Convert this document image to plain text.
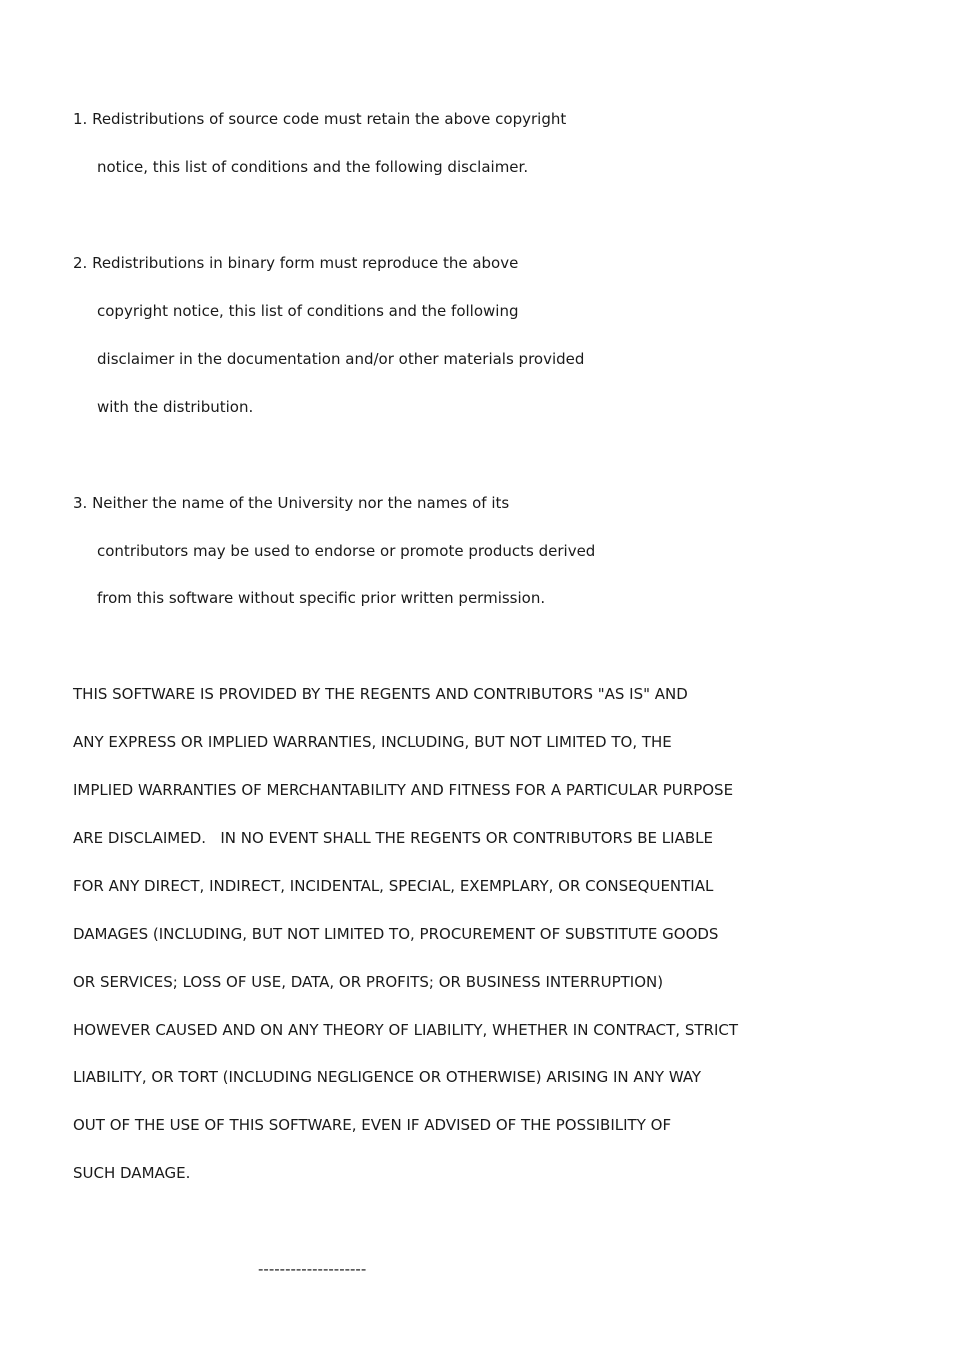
1. Redistributions of source code must retain the above copyright
notice, this list of conditions and the following disclaimer.
2. Redistributions in binary form must reproduce the above
copyright notice, this list of conditions and the following
disclaimer in the documentation and/or other materials provided
with the distribution.
3. Neither the name of the University nor the names of its
contributors may be used to endorse or promote products derived
from this software without specific prior written permission.
THIS SOFTWARE IS PROVIDED BY THE REGENTS AND CONTRIBUTORS "AS IS" AND
ANY EXPRESS OR IMPLIED WARRANTIES, INCLUDING, BUT NOT LIMITED TO, THE
IMPLIED WARRANTIES OF MERCHANTABILITY AND FITNESS FOR A PARTICULAR PURPOSE
ARE DISCLAIMED.   IN NO EVENT SHALL THE REGENTS OR CONTRIBUTORS BE LIABLE
FOR ANY DIRECT, INDIRECT, INCIDENTAL, SPECIAL, EXEMPLARY, OR CONSEQUENTIAL
DAMAGES (INCLUDING, BUT NOT LIMITED TO, PROCUREMENT OF SUBSTITUTE GOODS
OR SERVICES; LOSS OF USE, DATA, OR PROFITS; OR BUSINESS INTERRUPTION)
HOWEVER CAUSED AND ON ANY THEORY OF LIABILITY, WHETHER IN CONTRACT, STRICT
LIABILITY, OR TORT (INCLUDING NEGLIGENCE OR OTHERWISE) ARISING IN ANY WAY
OUT OF THE USE OF THIS SOFTWARE, EVEN IF ADVISED OF THE POSSIBILITY OF
SUCH DAMAGE.
--------------------
